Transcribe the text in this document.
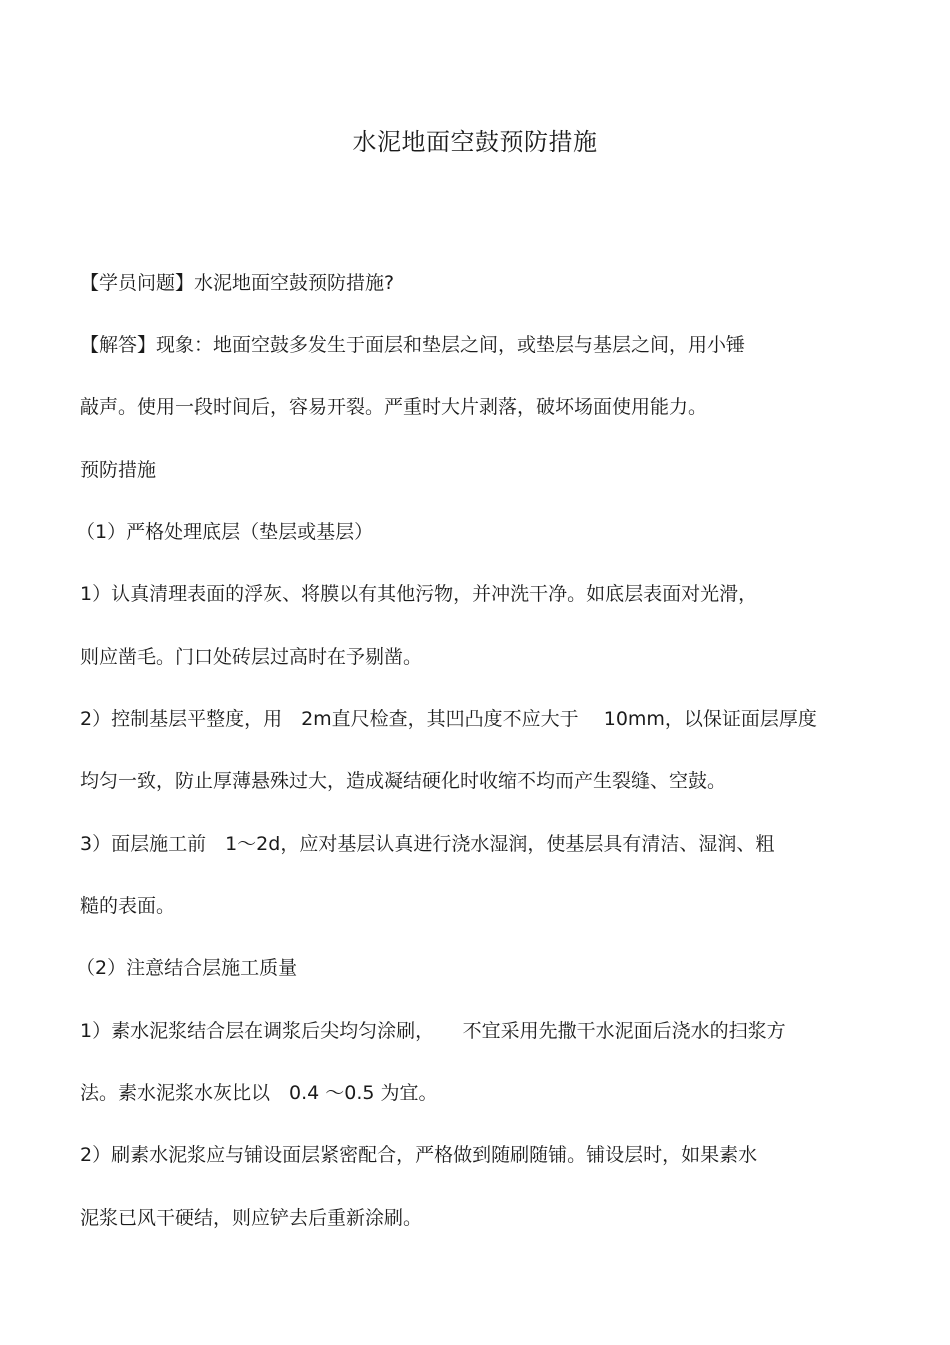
水泥地面空鼓预防措施
【学员问题】水泥地面空鼓预防措施?
【解答】现象：地面空鼓多发生于面层和垫层之间，或垫层与基层之间，用小锤
敲声。使用一段时间后，容易开裂。严重时大片剥落，破坏场面使用能力。
预防措施
（1）严格处理底层（垫层或基层）
1）认真清理表面的浮灰、将膜以有其他污物，并冲洗干净。如底层表面对光滑，
则应凿毛。门口处砖层过高时在予剔凿。
2）控制基层平整度，用　2m直尺检查，其凹凸度不应大于　 10mm，以保证面层厚度
均匀一致，防止厚薄悬殊过大，造成凝结硬化时收缩不均而产生裂缝、空鼓。
3）面层施工前　1～2d，应对基层认真进行浇水湿润，使基层具有清洁、湿润、粗
糙的表面。
（2）注意结合层施工质量
1）素水泥浆结合层在调浆后尖均匀涂刷，　　不宜采用先撒干水泥面后浇水的扫浆方
法。素水泥浆水灰比以　0.4 ～0.5 为宜。
2）刷素水泥浆应与铺设面层紧密配合，严格做到随刷随铺。铺设层时，如果素水
泥浆已风干硬结，则应铲去后重新涂刷。
